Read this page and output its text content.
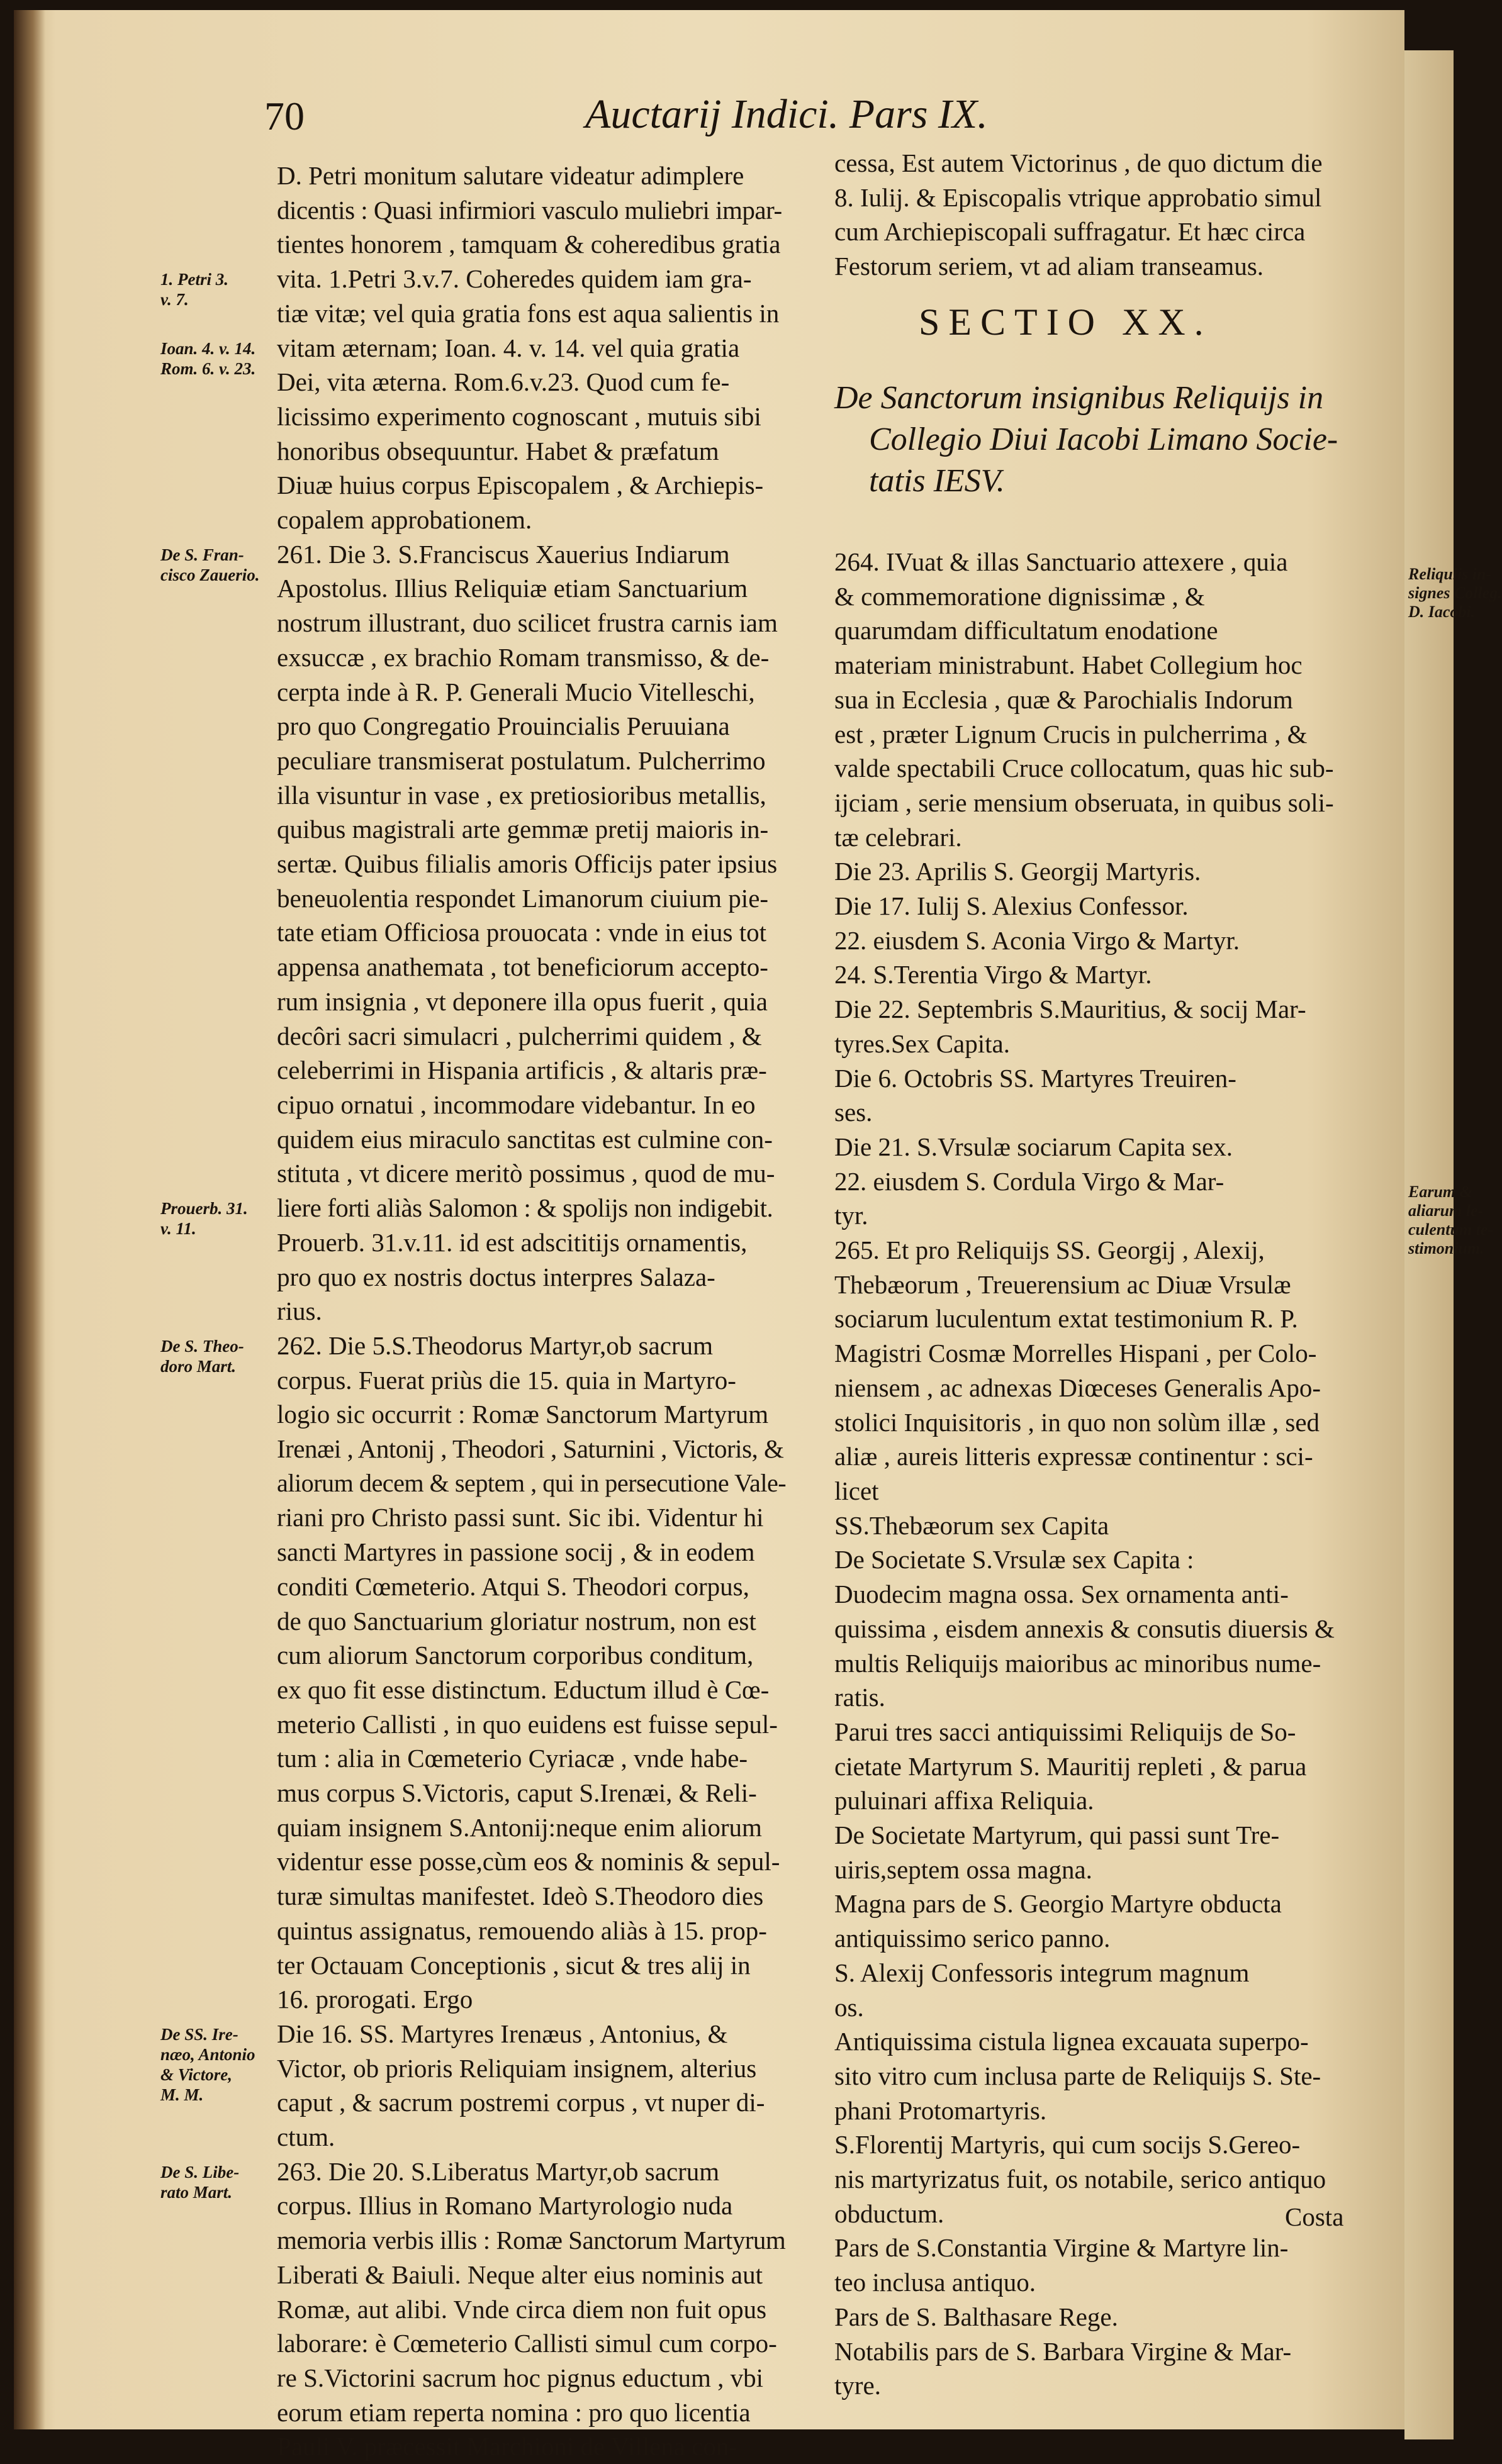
Reliquiis in-
signes Colleg.
D. Iacobi.
Earum &
aliarum le-
culentum te-
stimonium.
70	Auctarij Indici. Pars IX.
D. Petri monitum salutare videatur adimplere
dicentis : Quasi infirmiori vasculo muliebri impar-
tientes honorem , tamquam & coheredibus gratia
vita. 1.Petri 3.v.7. Coheredes quidem iam gra-
tiæ vitæ; vel quia gratia fons est aqua salientis in
vitam æternam; Ioan. 4. v. 14. vel quia gratia
Dei, vita æterna. Rom.6.v.23. Quod cum fe-
licissimo experimento cognoscant , mutuis sibi
honoribus obsequuntur. Habet & præfatum
Diuæ huius corpus Episcopalem , & Archiepis-
copalem approbationem.
261. Die 3. S.Franciscus Xauerius Indiarum
Apostolus. Illius Reliquiæ etiam Sanctuarium
nostrum illustrant, duo scilicet frustra carnis iam
exsuccæ , ex brachio Romam transmisso, & de-
cerpta inde à R. P. Generali Mucio Vitelleschi,
pro quo Congregatio Prouincialis Peruuiana
peculiare transmiserat postulatum. Pulcherrimo
illa visuntur in vase , ex pretiosioribus metallis,
quibus magistrali arte gemmæ pretij maioris in-
sertæ. Quibus filialis amoris Officijs pater ipsius
beneuolentia respondet Limanorum ciuium pie-
tate etiam Officiosa prouocata : vnde in eius tot
appensa anathemata , tot beneficiorum accepto-
rum insignia , vt deponere illa opus fuerit , quia
decôri sacri simulacri , pulcherrimi quidem , &
celeberrimi in Hispania artificis , & altaris præ-
cipuo ornatui , incommodare videbantur. In eo
quidem eius miraculo sanctitas est culmine con-
stituta , vt dicere meritò possimus , quod de mu-
liere forti aliàs Salomon : & spolijs non indigebit.
Prouerb. 31.v.11. id est adscititijs ornamentis,
pro quo ex nostris doctus interpres Salaza-
rius.
262. Die 5.S.Theodorus Martyr,ob sacrum
corpus. Fuerat priùs die 15. quia in Martyro-
logio sic occurrit : Romæ Sanctorum Martyrum
Irenæi , Antonij , Theodori , Saturnini , Victoris, &
aliorum decem & septem , qui in persecutione Vale-
riani pro Christo passi sunt. Sic ibi. Videntur hi
sancti Martyres in passione socij , & in eodem
conditi Cœmeterio. Atqui S. Theodori corpus,
de quo Sanctuarium gloriatur nostrum, non est
cum aliorum Sanctorum corporibus conditum,
ex quo fit esse distinctum. Eductum illud è Cœ-
meterio Callisti , in quo euidens est fuisse sepul-
tum : alia in Cœmeterio Cyriacæ , vnde habe-
mus corpus S.Victoris, caput S.Irenæi, & Reli-
quiam insignem S.Antonij:neque enim aliorum
videntur esse posse,cùm eos & nominis & sepul-
turæ simultas manifestet. Ideò S.Theodoro dies
quintus assignatus, remouendo aliàs à 15. prop-
ter Octauam Conceptionis , sicut & tres alij in
16. prorogati. Ergo
Die 16. SS. Martyres Irenæus , Antonius, &
Victor, ob prioris Reliquiam insignem, alterius
caput , & sacrum postremi corpus , vt nuper di-
ctum.
263. Die 20. S.Liberatus Martyr,ob sacrum
corpus. Illius in Romano Martyrologio nuda
memoria verbis illis : Romæ Sanctorum Martyrum
Liberati & Baiuli. Neque alter eius nominis aut
Romæ, aut alibi. Vnde circa diem non fuit opus
laborare: è Cœmeterio Callisti simul cum corpo-
re S.Victorini sacrum hoc pignus eductum , vbi
eorum etiam reperta nomina : pro quo licentia
Pauli V. præcessit Marchioni de Villena con-
1. Petri 3.
v. 7.
Ioan. 4. v. 14.
Rom. 6. v. 23.
De S. Fran-
cisco Zauerio.
Prouerb. 31.
v. 11.
De S. Theo-
doro Mart.
De SS. Ire-
næo, Antonio
& Victore,
M. M.
De S. Libe-
rato Mart.
cessa, Est autem Victorinus , de quo dictum die
8. Iulij. & Episcopalis vtrique approbatio simul
cum Archiepiscopali suffragatur. Et hæc circa
Festorum seriem, vt ad aliam transeamus.
SECTIO XX.
De Sanctorum insignibus Reliquijs in
Collegio Diui Iacobi Limano Socie-
tatis IESV.
264. IVuat & illas Sanctuario attexere , quia
& commemoratione dignissimæ , &
quarumdam difficultatum enodatione
materiam ministrabunt. Habet Collegium hoc
sua in Ecclesia , quæ & Parochialis Indorum
est , præter Lignum Crucis in pulcherrima , &
valde spectabili Cruce collocatum, quas hic sub-
ijciam , serie mensium obseruata, in quibus soli-
tæ celebrari.
Die 23. Aprilis S. Georgij Martyris.
Die 17. Iulij S. Alexius Confessor.
22. eiusdem S. Aconia Virgo & Martyr.
24. S.Terentia Virgo & Martyr.
Die 22. Septembris S.Mauritius, & socij Mar-
tyres.Sex Capita.
Die 6. Octobris SS. Martyres Treuiren-
ses.
Die 21. S.Vrsulæ sociarum Capita sex.
22. eiusdem S. Cordula Virgo & Mar-
tyr.
265. Et pro Reliquijs SS. Georgij , Alexij,
Thebæorum , Treuerensium ac Diuæ Vrsulæ
sociarum luculentum extat testimonium R. P.
Magistri Cosmæ Morrelles Hispani , per Colo-
niensem , ac adnexas Diœceses Generalis Apo-
stolici Inquisitoris , in quo non solùm illæ , sed
aliæ , aureis litteris expressæ continentur : sci-
licet
SS.Thebæorum sex Capita
De Societate S.Vrsulæ sex Capita :
Duodecim magna ossa. Sex ornamenta anti-
quissima , eisdem annexis & consutis diuersis &
multis Reliquijs maioribus ac minoribus nume-
ratis.
Parui tres sacci antiquissimi Reliquijs de So-
cietate Martyrum S. Mauritij repleti , & parua
puluinari affixa Reliquia.
De Societate Martyrum, qui passi sunt Tre-
uiris,septem ossa magna.
Magna pars de S. Georgio Martyre obducta
antiquissimo serico panno.
S. Alexij Confessoris integrum magnum
os.
Antiquissima cistula lignea excauata superpo-
sito vitro cum inclusa parte de Reliquijs S. Ste-
phani Protomartyris.
S.Florentij Martyris, qui cum socijs S.Gereo-
nis martyrizatus fuit, os notabile, serico antiquo
obductum.
Pars de S.Constantia Virgine & Martyre lin-
teo inclusa antiquo.
Pars de S. Balthasare Rege.
Notabilis pars de S. Barbara Virgine & Mar-
tyre.
Costa
